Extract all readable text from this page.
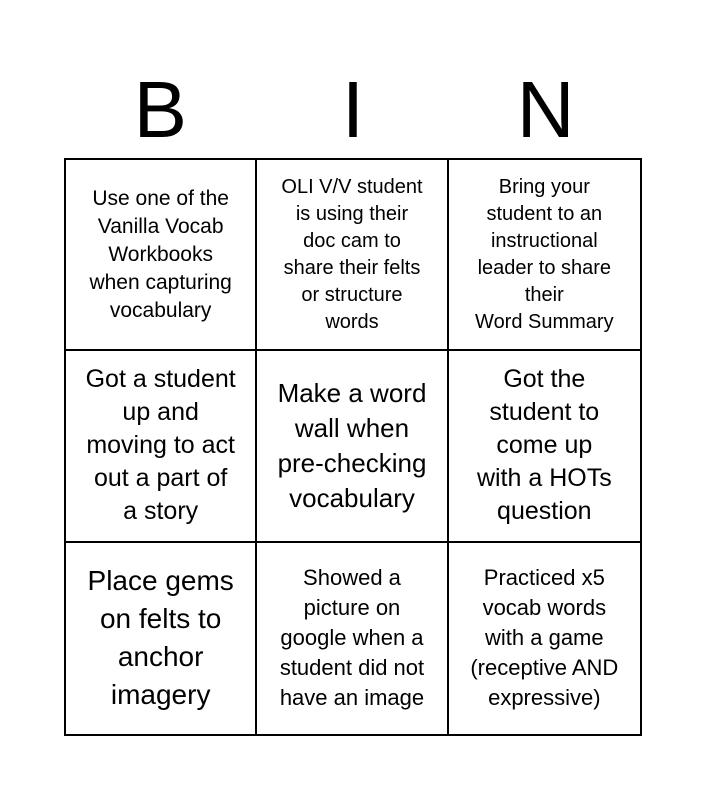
B	I	N
Use one of the
Vanilla Vocab
Workbooks
when capturing
vocabulary
OLI V/V student
is using their
doc cam to
share their felts
or structure
words
Bring your
student to an
instructional
leader to share
their
Word Summary
Got a student
up and
moving to act
out a part of
a story
Make a word
wall when
pre-checking
vocabulary
Got the
student to
come up
with a HOTs
question
Place gems
on felts to
anchor
imagery
Showed a
picture on
google when a
student did not
have an image
Practiced x5
vocab words
with a game
(receptive AND
expressive)
